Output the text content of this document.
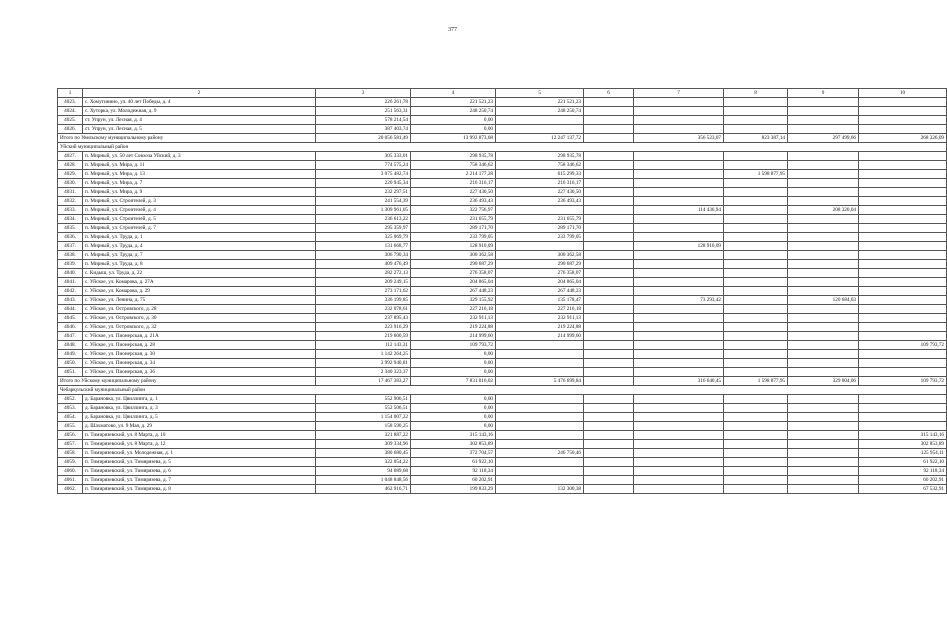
377
1	2	3	4	5	6	7	8	9	10
4023.	с. Хомутинино, ул. 40 лет Победы, д. 4	226 261,78	221 521,23	221 521,23					
4024.	с. Хуторка, ул. Молодежная, д. 9	251 563,31	248 250,74	248 250,74					
4025.	ст. Упрун, ул. Лесная, д. 4	578 214,54	0,00						
4026.	ст. Упрун, ул. Лесная, д. 5	387 403,74	0,00						
Итого по Увельскому муниципальному району		20 056 581,49	13 992 873,68	12 247 137,72		356 523,07	823 387,14	297 499,66	268 326,09
Уйский муниципальный район									
4027.	п. Мирный, ул. 50 лет Совхоза Уйский, д. 3	305 333,01	298 935,78	298 935,78					
4028.	п. Мирный, ул. Мира, д. 11	774 575,24	758 346,62	758 346,62					
4029.	п. Мирный, ул. Мира, д. 13	3 075 482,74	2 214 177,28	615 299,33			1 598 877,95		
4030.	п. Мирный, ул. Мира, д. 7	220 945,34	216 316,17	216 316,17					
4031.	п. Мирный, ул. Мира, д. 9	232 297,51	227 430,50	227 430,50					
4032.	п. Мирный, ул. Строителей, д. 3	241 554,39	236 493,43	236 493,43					
4033.	п. Мирный, ул. Строителей, д. 4	1 309 961,05	322 756,97			114 436,94		208 320,04	
4034.	п. Мирный, ул. Строителей, д. 5	236 613,22	231 655,79	231 655,79					
4035.	п. Мирный, ул. Строителей, д. 7	295 359,97	289 171,70	289 171,70					
4036.	п. Мирный, ул. Труда, д. 1	325 069,79	233 799,05	233 799,05					
4037.	п. Мирный, ул. Труда, д. 4	131 668,77	128 910,09			128 910,09			
4038.	п. Мирный, ул. Труда, д. 7	306 790,34	300 362,58	300 362,58					
4039.	п. Мирный, ул. Труда, д. 8	409 476,49	290 687,29	290 687,29					
4040.	с. Кидыш, ул. Труда, д. 22	282 272,13	276 358,07	276 358,07					
4041.	с. Уйское, ул. Комарова, д. 27А	209 249,15	204 865,04	204 865,04					
4042.	с. Уйское, ул. Комарова, д. 29	273 171,62	267 448,23	267 448,23					
4043.	с. Уйское, ул. Ленина, д. 75	336 199,85	329 155,92	135 178,47		73 293,42		120 684,03	
4044.	с. Уйское, ул. Островского, д. 28	232 078,61	227 216,18	227 216,18					
4045.	с. Уйское, ул. Островского, д. 30	237 895,43	232 911,13	232 911,13					
4046.	с. Уйское, ул. Островского, д. 32	223 916,29	219 224,88	219 224,88					
4047.	с. Уйское, ул. Пионерская, д. 21А	219 600,59	214 999,60	214 999,60					
4048.	с. Уйское, ул. Пионерская, д. 28	112 143,31	109 793,72						109 793,72
4049.	с. Уйское, ул. Пионерская, д. 30	1 142 264,25	0,00						
4050.	с. Уйское, ул. Пионерская, д. 34	3 992 940,81	0,00						
4051.	с. Уйское, ул. Пионерская, д. 36	2 340 323,37	0,00						
Итого по Уйскому муниципальному району		17 467 383,27	7 831 016,02	5 476 699,84		316 640,45	1 598 877,95	329 004,06	109 793,72
Чебаркульский муниципальный район									
4052.	д. Барановка, ул. Цвиллинга, д. 1	552 906,51	0,00						
4053.	д. Барановка, ул. Цвиллинга, д. 3	552 506,51	0,00						
4054.	д. Барановка, ул. Цвиллинга, д. 5	1 154 007,22	0,00						
4055.	д. Шахматово, ул. 9 Мая, д. 29	158 590,25	0,00						
4056.	п. Тимирязевский, ул. 8 Марта, д. 10	321 887,22	315 143,16						315 143,16
4057.	п. Тимирязевский, ул. 8 Марта, д. 12	309 334,96	302 853,89						302 853,89
4058.	п. Тимирязевский, ул. Молодежная, д. 1	380 680,45	372 704,57	246 750,46					125 954,11
4059.	п. Тимирязевский, ул. Тимирязева, д. 5	322 054,22	61 922,10						61 922,10
4060.	п. Тимирязевский, ул. Тимирязева, д. 6	94 089,68	92 118,34						92 118,34
4061.	п. Тимирязевский, ул. Тимирязева, д. 7	1 048 848,56	60 202,91						60 202,91
4062.	п. Тимирязевский, ул. Тимирязева, д. 8	462 916,71	199 833,29	132 300,38					67 532,91
